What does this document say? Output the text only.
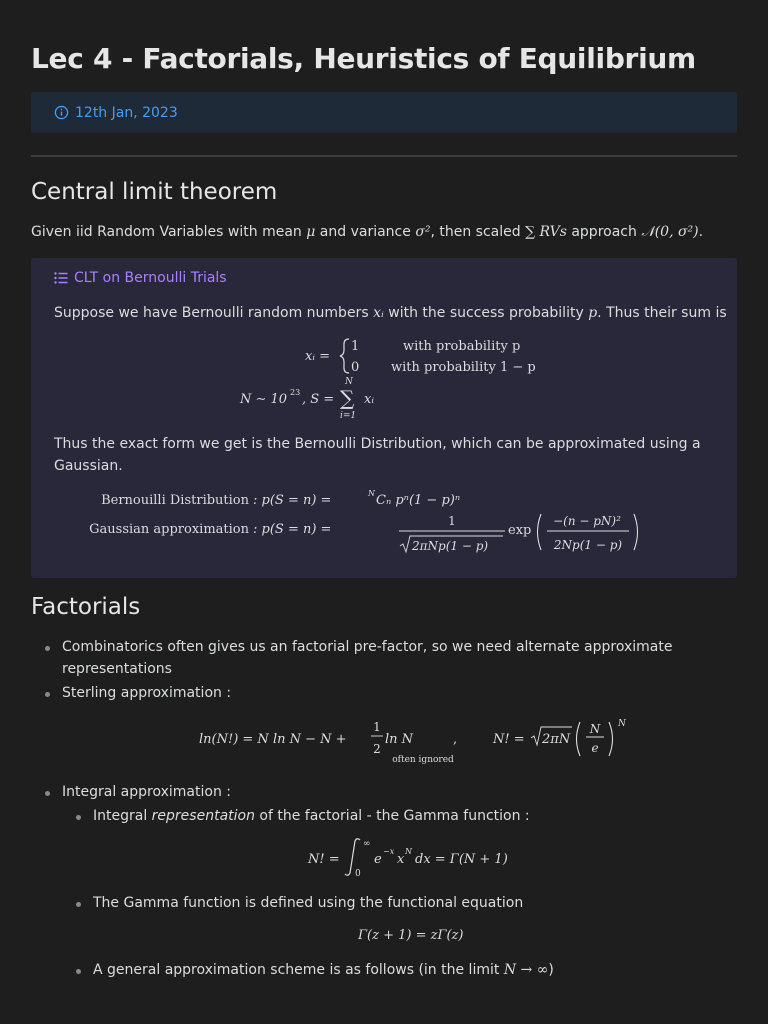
Lec 4 - Factorials, Heuristics of Equilibrium
12th Jan, 2023
Central limit theorem
Given iid Random Variables with mean μ and variance σ², then scaled ∑ RVs approach 𝒩(0, σ²).
CLT on Bernoulli Trials
Suppose we have Bernoulli random numbers xᵢ with the success probability p. Thus their sum is
xᵢ =
1	with probability p
0 with probability 1 − p
N ∼ 10 23 , S =
N
∑
i=1
xᵢ
Thus the exact form we get is the Bernoulli Distribution, which can be approximated using a
Gaussian.
Bernouilli Distribution : p(S = n) =	N Cₙ pⁿ(1 − p)ⁿ
Gaussian approximation : p(S = n) =
1
2πNp(1 − p)
exp
−(n − pN)²
2Np(1 − p)
Factorials
Combinatorics often gives us an factorial pre-factor, so we need alternate approximate
representations
Sterling approximation :
ln(N!) = N ln N − N +
1
2
ln N	,
often ignored
N! = 2πN
N
e
N
Integral approximation :
Integral representation of the factorial - the Gamma function :
N! =
∞
0
e
−x
x
N
dx = Γ(N + 1)
The Gamma function is defined using the functional equation
Γ(z + 1) = zΓ(z)
A general approximation scheme is as follows (in the limit N → ∞)
